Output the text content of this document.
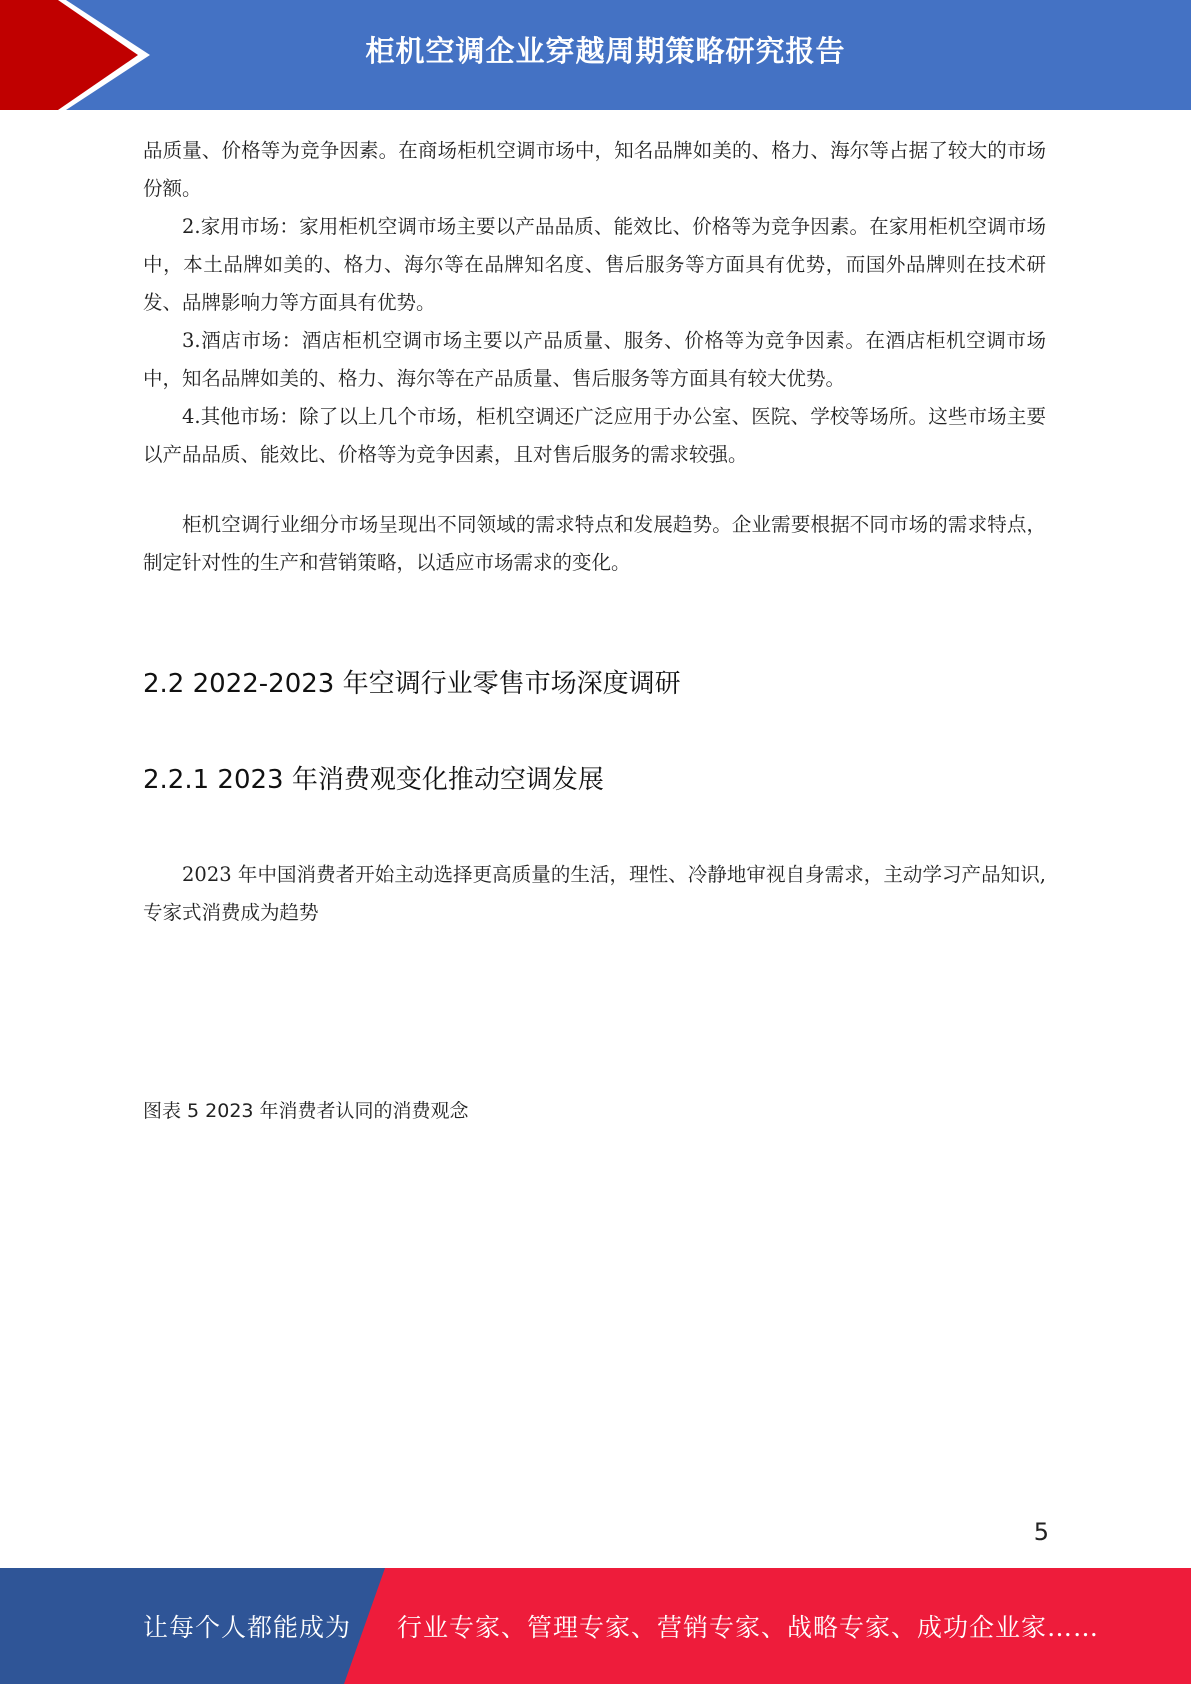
柜机空调企业穿越周期策略研究报告

品质量、价格等为竞争因素。在商场柜机空调市场中，知名品牌如美的、格力、海尔等占据了较大的市场份额。

2.家用市场：家用柜机空调市场主要以产品品质、能效比、价格等为竞争因素。在家用柜机空调市场中，本土品牌如美的、格力、海尔等在品牌知名度、售后服务等方面具有优势，而国外品牌则在技术研发、品牌影响力等方面具有优势。

3.酒店市场：酒店柜机空调市场主要以产品质量、服务、价格等为竞争因素。在酒店柜机空调市场中，知名品牌如美的、格力、海尔等在产品质量、售后服务等方面具有较大优势。

4.其他市场：除了以上几个市场，柜机空调还广泛应用于办公室、医院、学校等场所。这些市场主要以产品品质、能效比、价格等为竞争因素，且对售后服务的需求较强。

柜机空调行业细分市场呈现出不同领域的需求特点和发展趋势。企业需要根据不同市场的需求特点，制定针对性的生产和营销策略，以适应市场需求的变化。

2.2 2022-2023 年空调行业零售市场深度调研
2.2.1 2023 年消费观变化推动空调发展

2023 年中国消费者开始主动选择更高质量的生活，理性、冷静地审视自身需求，主动学习产品知识,专家式消费成为趋势

图表 5 2023 年消费者认同的消费观念
5
让每个人都能成为 行业专家、管理专家、营销专家、战略专家、成功企业家……
